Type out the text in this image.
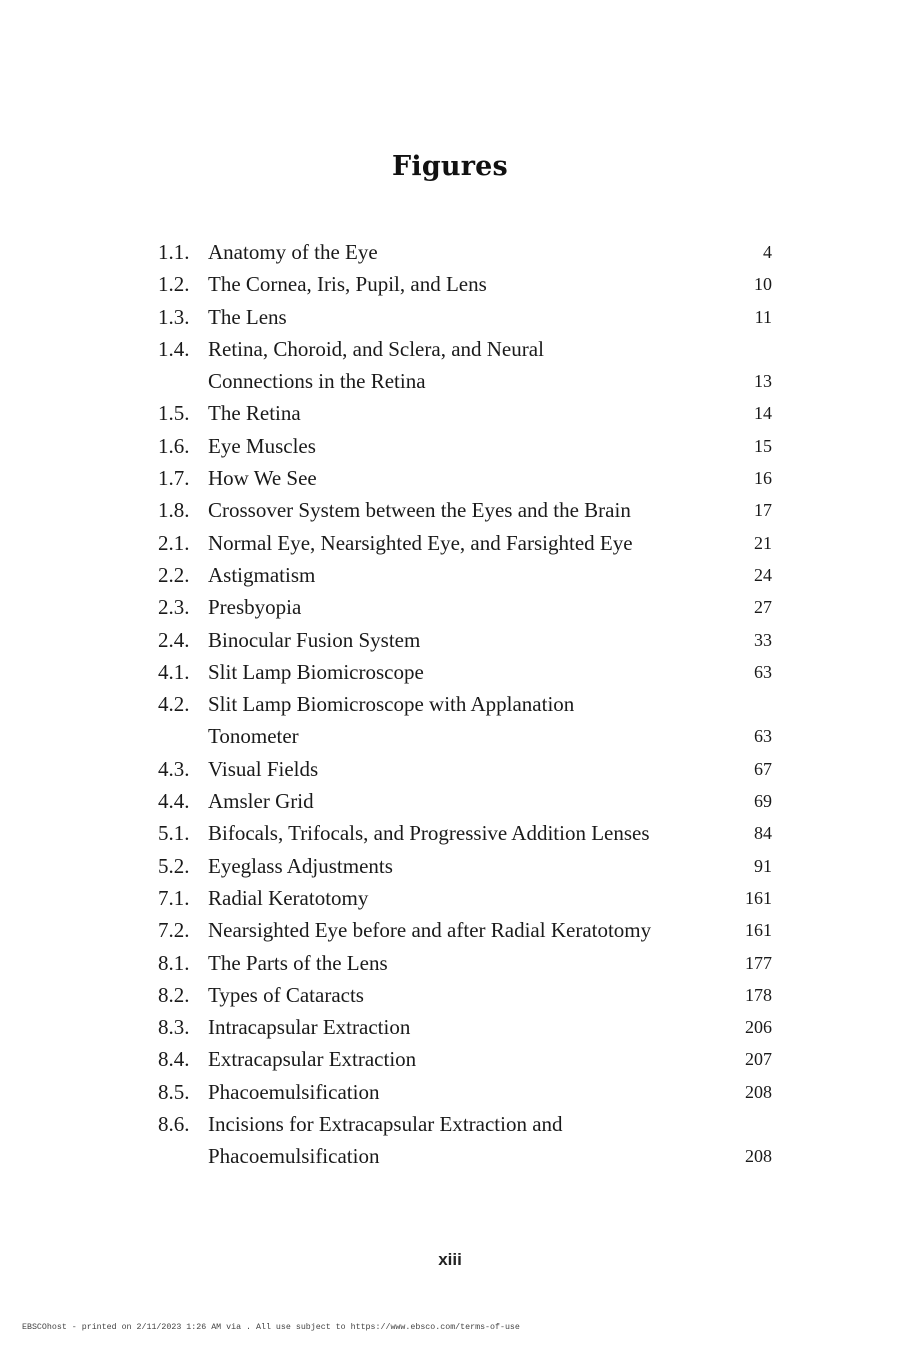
Figures
1.1. Anatomy of the Eye	4
1.2. The Cornea, Iris, Pupil, and Lens	10
1.3. The Lens	11
1.4. Retina, Choroid, and Sclera, and Neural
Connections in the Retina	13
1.5. The Retina	14
1.6. Eye Muscles	15
1.7. How We See	16
1.8. Crossover System between the Eyes and the Brain	17
2.1. Normal Eye, Nearsighted Eye, and Farsighted Eye	21
2.2. Astigmatism	24
2.3. Presbyopia	27
2.4. Binocular Fusion System	33
4.1. Slit Lamp Biomicroscope	63
4.2. Slit Lamp Biomicroscope with Applanation
Tonometer	63
4.3. Visual Fields	67
4.4. Amsler Grid	69
5.1. Bifocals, Trifocals, and Progressive Addition Lenses	84
5.2. Eyeglass Adjustments	91
7.1. Radial Keratotomy	161
7.2. Nearsighted Eye before and after Radial Keratotomy	161
8.1. The Parts of the Lens	177
8.2. Types of Cataracts	178
8.3. Intracapsular Extraction	206
8.4. Extracapsular Extraction	207
8.5. Phacoemulsification	208
8.6. Incisions for Extracapsular Extraction and
Phacoemulsification	208
xiii
EBSCOhost - printed on 2/11/2023 1:26 AM via . All use subject to https://www.ebsco.com/terms-of-use
